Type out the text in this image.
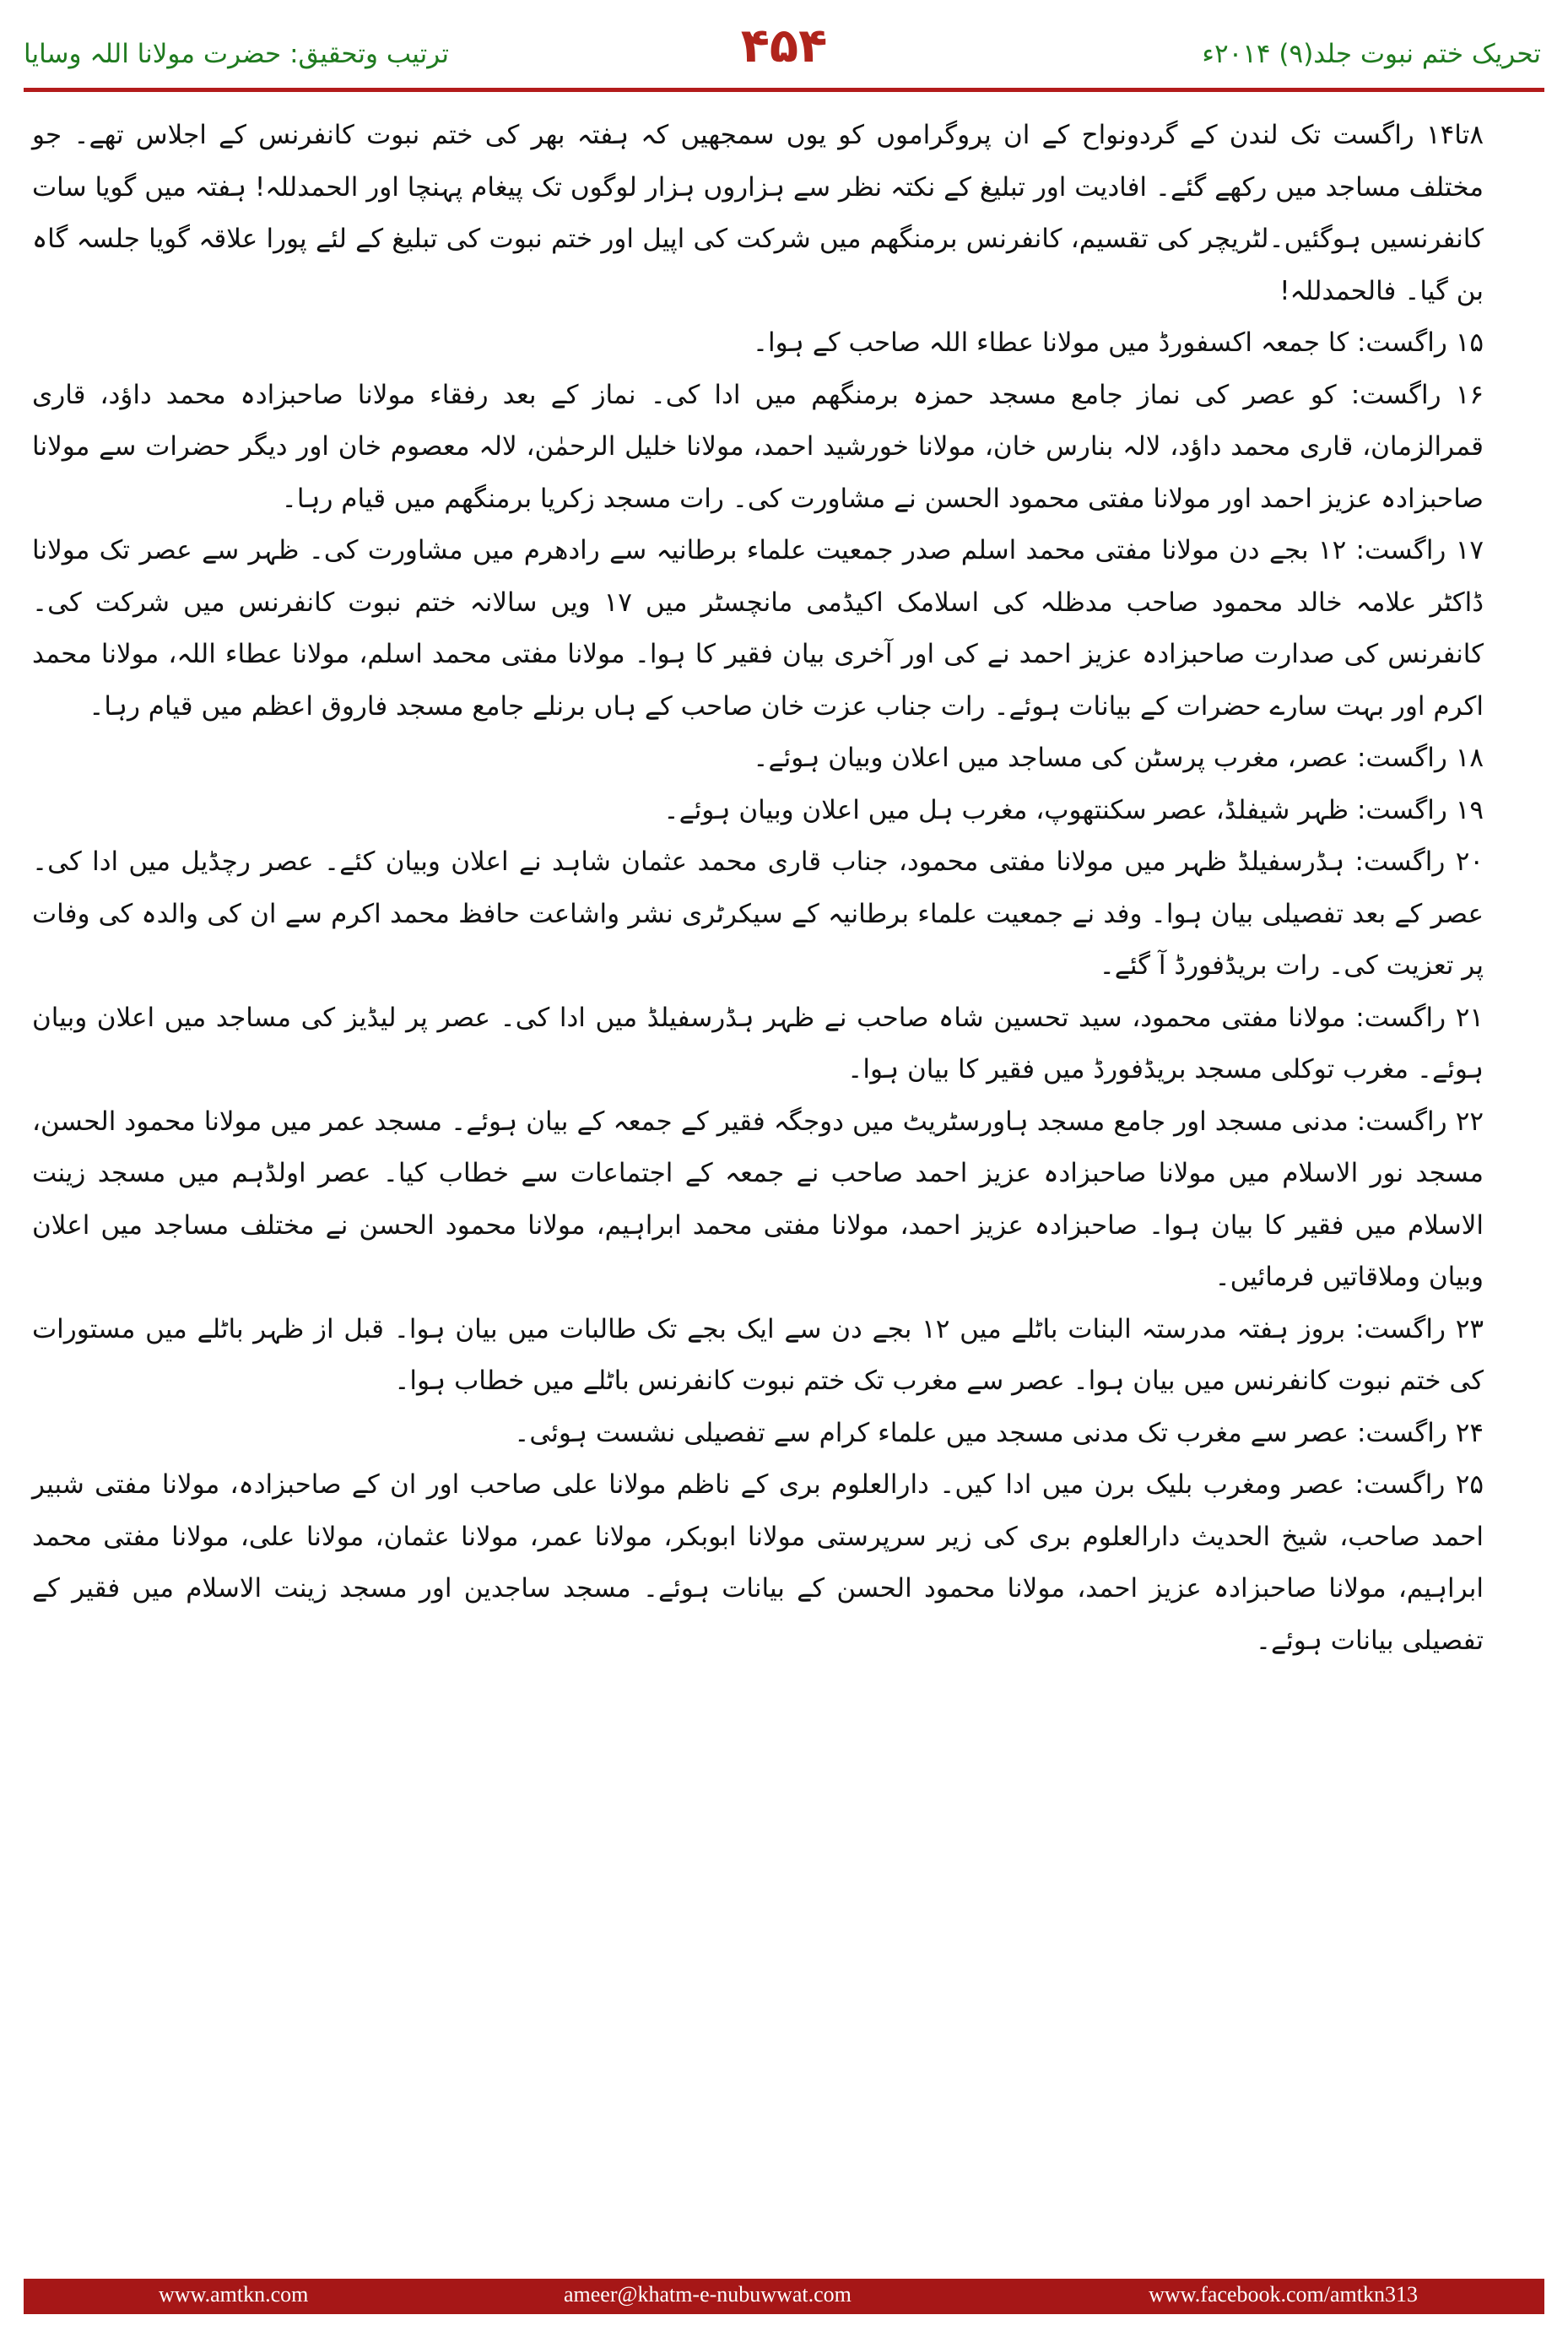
ترتیب وتحقیق: حضرت مولانا اللہ وسایا	۴۵۴	تحریک ختم نبوت جلد(۹) ۲۰۱۴ء

۸تا۱۴ راگست تک لندن کے گردونواح کے ان پروگراموں کو یوں سمجھیں کہ ہفتہ بھر کی ختم نبوت کانفرنس کے اجلاس تھے۔ جو مختلف مساجد میں رکھے گئے۔ افادیت اور تبلیغ کے نکتہ نظر سے ہزاروں ہزار لوگوں تک پیغام پہنچا اور الحمدللہ! ہفتہ میں گویا سات کانفرنسیں ہوگئیں۔لٹریچر کی تقسیم، کانفرنس برمنگھم میں شرکت کی اپیل اور ختم نبوت کی تبلیغ کے لئے پورا علاقہ گویا جلسہ گاہ بن گیا۔ فالحمدللہ!

۱۵ راگست: کا جمعہ اکسفورڈ میں مولانا عطاء اللہ صاحب کے ہوا۔

۱۶ راگست: کو عصر کی نماز جامع مسجد حمزہ برمنگھم میں ادا کی۔ نماز کے بعد رفقاء مولانا صاحبزادہ محمد داؤد، قاری قمرالزمان، قاری محمد داؤد، لالہ بنارس خان، مولانا خورشید احمد، مولانا خلیل الرحمٰن، لالہ معصوم خان اور دیگر حضرات سے مولانا صاحبزادہ عزیز احمد اور مولانا مفتی محمود الحسن نے مشاورت کی۔ رات مسجد زکریا برمنگھم میں قیام رہا۔

۱۷ راگست: ۱۲ بجے دن مولانا مفتی محمد اسلم صدر جمعیت علماء برطانیہ سے رادھرم میں مشاورت کی۔ ظہر سے عصر تک مولانا ڈاکٹر علامہ خالد محمود صاحب مدظلہ کی اسلامک اکیڈمی مانچسٹر میں ۱۷ ویں سالانہ ختم نبوت کانفرنس میں شرکت کی۔ کانفرنس کی صدارت صاحبزادہ عزیز احمد نے کی اور آخری بیان فقیر کا ہوا۔ مولانا مفتی محمد اسلم، مولانا عطاء اللہ، مولانا محمد اکرم اور بہت سارے حضرات کے بیانات ہوئے۔ رات جناب عزت خان صاحب کے ہاں برنلے جامع مسجد فاروق اعظم میں قیام رہا۔

۱۸ راگست: عصر، مغرب پرسٹن کی مساجد میں اعلان وبیان ہوئے۔

۱۹ راگست: ظہر شیفلڈ، عصر سکنتھوپ، مغرب ہل میں اعلان وبیان ہوئے۔

۲۰ راگست: ہڈرسفیلڈ ظہر میں مولانا مفتی محمود، جناب قاری محمد عثمان شاہد نے اعلان وبیان کئے۔ عصر رچڈیل میں ادا کی۔ عصر کے بعد تفصیلی بیان ہوا۔ وفد نے جمعیت علماء برطانیہ کے سیکرٹری نشر واشاعت حافظ محمد اکرم سے ان کی والدہ کی وفات پر تعزیت کی۔ رات بریڈفورڈ آ گئے۔

۲۱ راگست: مولانا مفتی محمود، سید تحسین شاہ صاحب نے ظہر ہڈرسفیلڈ میں ادا کی۔ عصر پر لیڈیز کی مساجد میں اعلان وبیان ہوئے۔ مغرب توکلی مسجد بریڈفورڈ میں فقیر کا بیان ہوا۔

۲۲ راگست: مدنی مسجد اور جامع مسجد ہاورسٹریٹ میں دوجگہ فقیر کے جمعہ کے بیان ہوئے۔ مسجد عمر میں مولانا محمود الحسن، مسجد نور الاسلام میں مولانا صاحبزادہ عزیز احمد صاحب نے جمعہ کے اجتماعات سے خطاب کیا۔ عصر اولڈہم میں مسجد زینت الاسلام میں فقیر کا بیان ہوا۔ صاحبزادہ عزیز احمد، مولانا مفتی محمد ابراہیم، مولانا محمود الحسن نے مختلف مساجد میں اعلان وبیان وملاقاتیں فرمائیں۔

۲۳ راگست: بروز ہفتہ مدرستہ البنات باٹلے میں ۱۲ بجے دن سے ایک بجے تک طالبات میں بیان ہوا۔ قبل از ظہر باٹلے میں مستورات کی ختم نبوت کانفرنس میں بیان ہوا۔ عصر سے مغرب تک ختم نبوت کانفرنس باٹلے میں خطاب ہوا۔

۲۴ راگست: عصر سے مغرب تک مدنی مسجد میں علماء کرام سے تفصیلی نشست ہوئی۔

۲۵ راگست: عصر ومغرب بلیک برن میں ادا کیں۔ دارالعلوم بری کے ناظم مولانا علی صاحب اور ان کے صاحبزادہ، مولانا مفتی شبیر احمد صاحب، شیخ الحدیث دارالعلوم بری کی زیر سرپرستی مولانا ابوبکر، مولانا عمر، مولانا عثمان، مولانا علی، مولانا مفتی محمد ابراہیم، مولانا صاحبزادہ عزیز احمد، مولانا محمود الحسن کے بیانات ہوئے۔ مسجد ساجدین اور مسجد زینت الاسلام میں فقیر کے تفصیلی بیانات ہوئے۔

www.amtkn.com	ameer@khatm-e-nubuwwat.com	www.facebook.com/amtkn313
